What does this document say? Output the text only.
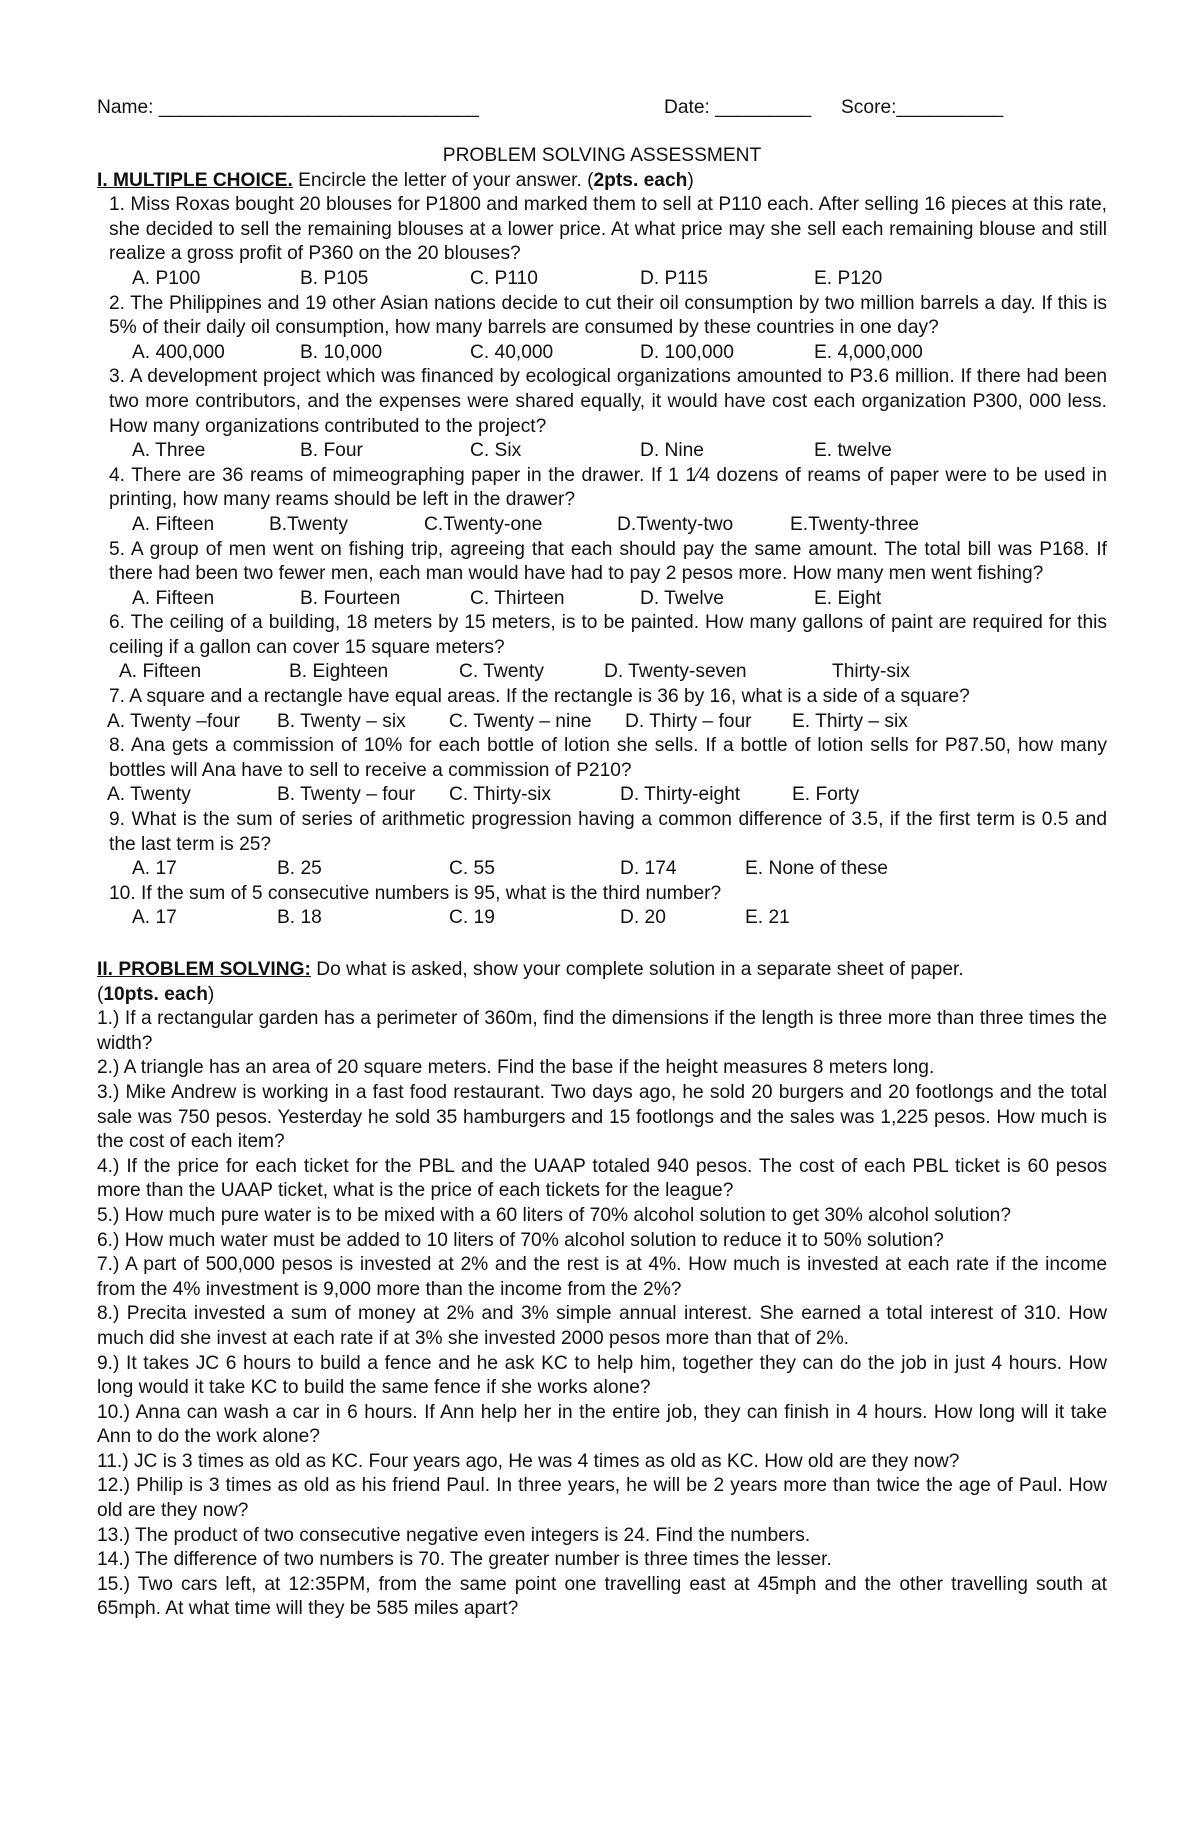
Name: ______________________________	Date: _________ Score:__________
PROBLEM SOLVING ASSESSMENT
I. MULTIPLE CHOICE. Encircle the letter of your answer. (2pts. each)
1. Miss Roxas bought 20 blouses for P1800 and marked them to sell at P110 each. After selling 16 pieces at this rate, she decided to sell the remaining blouses at a lower price. At what price may she sell each remaining blouse and still realize a gross profit of P360 on the 20 blouses?
A. P100	B. P105	C. P110	D. P115	E. P120
2. The Philippines and 19 other Asian nations decide to cut their oil consumption by two million barrels a day. If this is 5% of their daily oil consumption, how many barrels are consumed by these countries in one day?
A. 400,000	B. 10,000	C. 40,000	D. 100,000	E. 4,000,000
3. A development project which was financed by ecological organizations amounted to P3.6 million. If there had been two more contributors, and the expenses were shared equally, it would have cost each organization P300, 000 less. How many organizations contributed to the project?
A. Three	B. Four	C. Six	D. Nine	E. twelve
4. There are 36 reams of mimeographing paper in the drawer. If 1 1⁄4 dozens of reams of paper were to be used in printing, how many reams should be left in the drawer?
A. Fifteen	B.Twenty	C.Twenty-one	D.Twenty-two	E.Twenty-three
5. A group of men went on fishing trip, agreeing that each should pay the same amount. The total bill was P168. If there had been two fewer men, each man would have had to pay 2 pesos more. How many men went fishing?
A. Fifteen	B. Fourteen	C. Thirteen	D. Twelve	E. Eight
6. The ceiling of a building, 18 meters by 15 meters, is to be painted. How many gallons of paint are required for this ceiling if a gallon can cover 15 square meters?
A. Fifteen	B. Eighteen	C. Twenty	D. Twenty-seven	Thirty-six
7. A square and a rectangle have equal areas. If the rectangle is 36 by 16, what is a side of a square?
A. Twenty –four B. Twenty – six C. Twenty – nine D. Thirty – four E. Thirty – six
8. Ana gets a commission of 10% for each bottle of lotion she sells. If a bottle of lotion sells for P87.50, how many bottles will Ana have to sell to receive a commission of P210?
A. Twenty	B. Twenty – four C. Thirty-six	D. Thirty-eight	E. Forty
9. What is the sum of series of arithmetic progression having a common difference of 3.5, if the first term is 0.5 and the last term is 25?
A. 17	B. 25	C. 55	D. 174	E. None of these
10. If the sum of 5 consecutive numbers is 95, what is the third number?
A. 17	B. 18	C. 19	D. 20	E. 21
II. PROBLEM SOLVING: Do what is asked, show your complete solution in a separate sheet of paper.
(10pts. each)
1.) If a rectangular garden has a perimeter of 360m, find the dimensions if the length is three more than three times the width?
2.) A triangle has an area of 20 square meters. Find the base if the height measures 8 meters long.
3.) Mike Andrew is working in a fast food restaurant. Two days ago, he sold 20 burgers and 20 footlongs and the total sale was 750 pesos. Yesterday he sold 35 hamburgers and 15 footlongs and the sales was 1,225 pesos. How much is the cost of each item?
4.) If the price for each ticket for the PBL and the UAAP totaled 940 pesos. The cost of each PBL ticket is 60 pesos more than the UAAP ticket, what is the price of each tickets for the league?
5.) How much pure water is to be mixed with a 60 liters of 70% alcohol solution to get 30% alcohol solution?
6.) How much water must be added to 10 liters of 70% alcohol solution to reduce it to 50% solution?
7.) A part of 500,000 pesos is invested at 2% and the rest is at 4%. How much is invested at each rate if the income from the 4% investment is 9,000 more than the income from the 2%?
8.) Precita invested a sum of money at 2% and 3% simple annual interest. She earned a total interest of 310. How much did she invest at each rate if at 3% she invested 2000 pesos more than that of 2%.
9.) It takes JC 6 hours to build a fence and he ask KC to help him, together they can do the job in just 4 hours. How long would it take KC to build the same fence if she works alone?
10.) Anna can wash a car in 6 hours. If Ann help her in the entire job, they can finish in 4 hours. How long will it take Ann to do the work alone?
11.) JC is 3 times as old as KC. Four years ago, He was 4 times as old as KC. How old are they now?
12.) Philip is 3 times as old as his friend Paul. In three years, he will be 2 years more than twice the age of Paul. How old are they now?
13.) The product of two consecutive negative even integers is 24. Find the numbers.
14.) The difference of two numbers is 70. The greater number is three times the lesser.
15.) Two cars left, at 12:35PM, from the same point one travelling east at 45mph and the other travelling south at 65mph. At what time will they be 585 miles apart?
